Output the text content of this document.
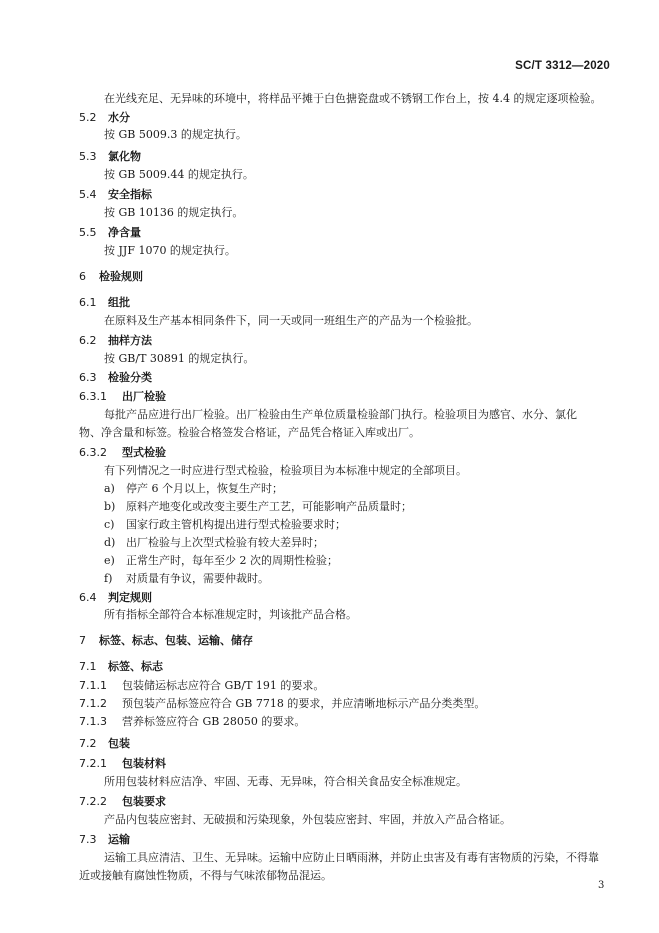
SC/T 3312—2020
在光线充足、无异味的环境中，将样品平摊于白色搪瓷盘或不锈钢工作台上，按 4.4 的规定逐项检验。
5.2 水分
按 GB 5009.3 的规定执行。
5.3 氯化物
按 GB 5009.44 的规定执行。
5.4 安全指标
按 GB 10136 的规定执行。
5.5 净含量
按 JJF 1070 的规定执行。
6 检验规则
6.1 组批
在原料及生产基本相同条件下，同一天或同一班组生产的产品为一个检验批。
6.2 抽样方法
按 GB/T 30891 的规定执行。
6.3 检验分类
6.3.1 出厂检验
每批产品应进行出厂检验。出厂检验由生产单位质量检验部门执行。检验项目为感官、水分、氯化
物、净含量和标签。检验合格签发合格证，产品凭合格证入库或出厂。
6.3.2 型式检验
有下列情况之一时应进行型式检验，检验项目为本标准中规定的全部项目。
a) 停产 6 个月以上，恢复生产时；
b) 原料产地变化或改变主要生产工艺，可能影响产品质量时；
c) 国家行政主管机构提出进行型式检验要求时；
d) 出厂检验与上次型式检验有较大差异时；
e) 正常生产时，每年至少 2 次的周期性检验；
f) 对质量有争议，需要仲裁时。
6.4 判定规则
所有指标全部符合本标准规定时，判该批产品合格。
7 标签、标志、包装、运输、储存
7.1 标签、标志
7.1.1 包装储运标志应符合 GB/T 191 的要求。
7.1.2 预包装产品标签应符合 GB 7718 的要求，并应清晰地标示产品分类类型。
7.1.3 营养标签应符合 GB 28050 的要求。
7.2 包装
7.2.1 包装材料
所用包装材料应洁净、牢固、无毒、无异味，符合相关食品安全标准规定。
7.2.2 包装要求
产品内包装应密封、无破损和污染现象，外包装应密封、牢固，并放入产品合格证。
7.3 运输
运输工具应清洁、卫生、无异味。运输中应防止日晒雨淋，并防止虫害及有毒有害物质的污染，不得靠
近或接触有腐蚀性物质，不得与气味浓郁物品混运。
3
